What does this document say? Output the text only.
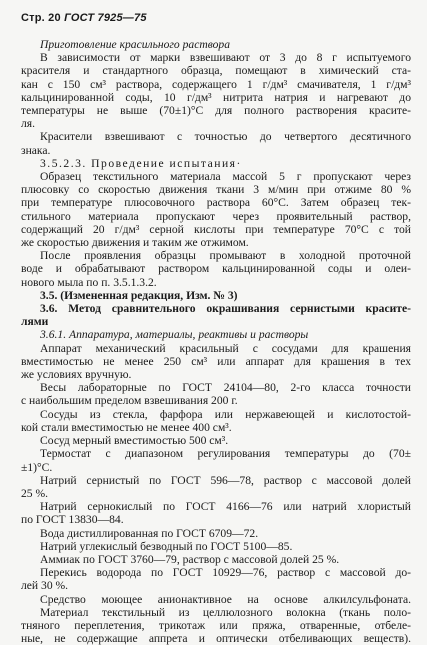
Стр. 20 ГОСТ 7925—75
Приготовление красильного раствора
В зависимости от марки взвешивают от 3 до 8 г испытуемого
красителя и стандартного образца, помещают в химический ста-
кан с 150 см³ раствора, содержащего 1 г/дм³ смачивателя, 1 г/дм³
кальцинированной соды, 10 г/дм³ нитрита натрия и нагревают до
температуры не выше (70±1)°С для полного растворения красите-
ля.
Красители взвешивают с точностью до четвертого десятичного
знака.
3.5.2.3. Проведение испытания·
Образец текстильного материала массой 5 г пропускают через
плюсовку со скоростью движения ткани 3 м/мин при отжиме 80 %
при температуре плюсовочного раствора 60°С. Затем образец тек-
стильного материала пропускают через проявительный раствор,
содержащий 20 г/дм³ серной кислоты при температуре 70°С с той
же скоростью движения и таким же отжимом.
После проявления образцы промывают в холодной проточной
воде и обрабатывают раствором кальцинированной соды и олеи-
нового мыла по п. 3.5.1.3.2.
3.5. (Измененная редакция, Изм. № 3)
3.6. Метод сравнительного окрашивания сернистыми красите-
лями
3.6.1. Аппаратура, материалы, реактивы и растворы
Аппарат механический красильный с сосудами для крашения
вместимостью не менее 250 см³ или аппарат для крашения в тех
же условиях вручную.
Весы лабораторные по ГОСТ 24104—80, 2-го класса точности
с наибольшим пределом взвешивания 200 г.
Сосуды из стекла, фарфора или нержавеющей и кислотостой-
кой стали вместимостью не менее 400 см³.
Сосуд мерный вместимостью 500 см³.
Термостат с диапазоном регулирования температуры до (70±
±1)°С.
Натрий сернистый по ГОСТ 596—78, раствор с массовой долей
25 %.
Натрий сернокислый по ГОСТ 4166—76 или натрий хлористый
по ГОСТ 13830—84.
Вода дистиллированная по ГОСТ 6709—72.
Натрий углекислый безводный по ГОСТ 5100—85.
Аммиак по ГОСТ 3760—79, раствор с массовой долей 25 %.
Перекись водорода по ГОСТ 10929—76, раствор с массовой до-
лей 30 %.
Средство моющее анионактивное на основе алкилсульфоната.
Материал текстильный из целлюлозного волокна (ткань поло-
тняного переплетения, трикотаж или пряжа, отваренные, отбеле-
ные, не содержащие аппрета и оптически отбеливающих веществ).
